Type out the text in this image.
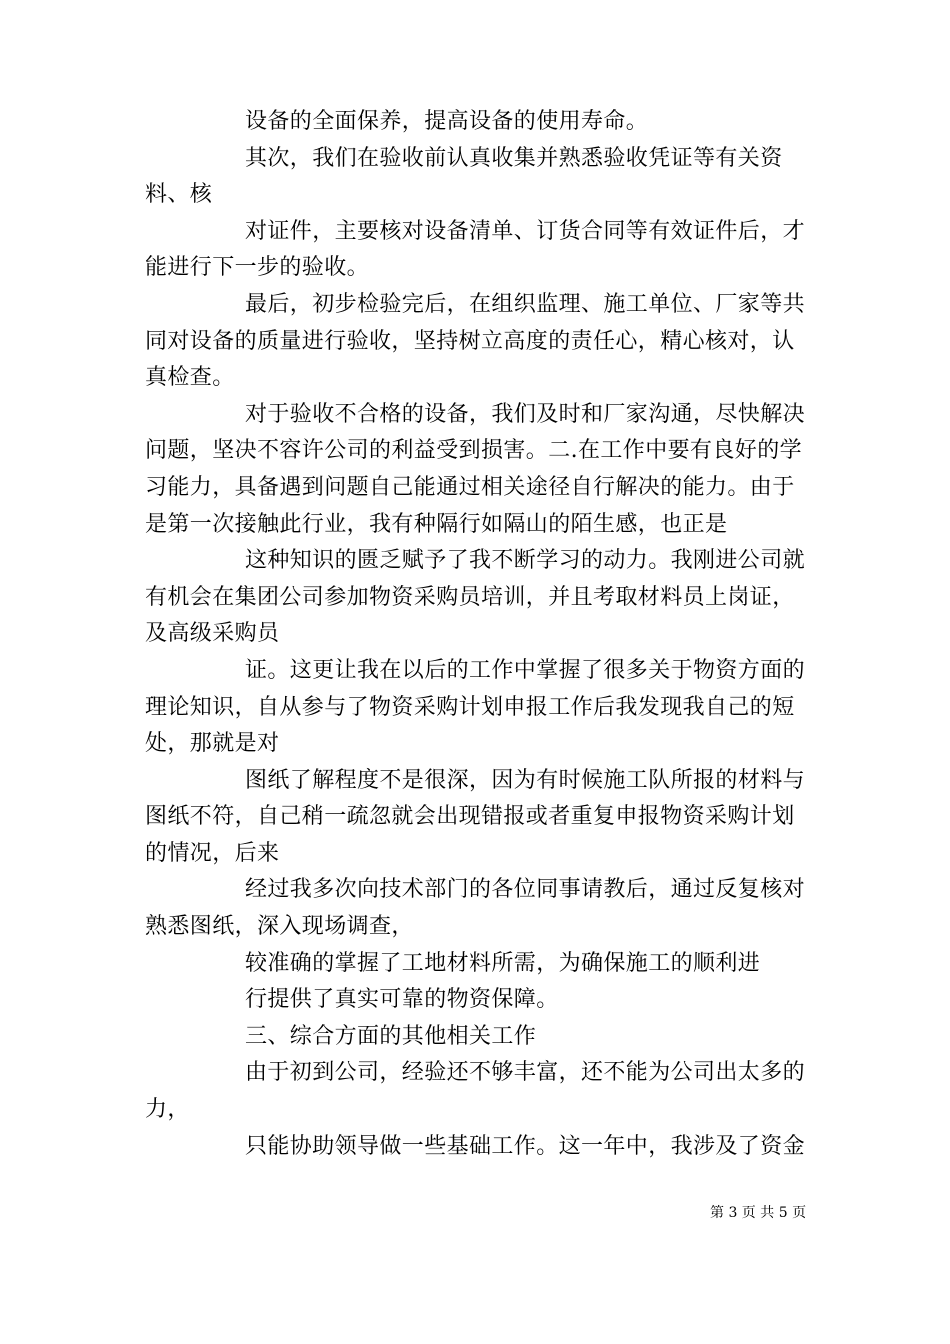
设备的全面保养，提高设备的使用寿命。

其次，我们在验收前认真收集并熟悉验收凭证等有关资料、核

对证件，主要核对设备清单、订货合同等有效证件后，才能进行下一步的验收。

最后，初步检验完后，在组织监理、施工单位、厂家等共同对设备的质量进行验收，坚持树立高度的责任心，精心核对，认真检查。

对于验收不合格的设备，我们及时和厂家沟通，尽快解决问题，坚决不容许公司的利益受到损害。二.在工作中要有良好的学习能力，具备遇到问题自己能通过相关途径自行解决的能力。由于是第一次接触此行业，我有种隔行如隔山的陌生感，也正是

这种知识的匮乏赋予了我不断学习的动力。我刚进公司就有机会在集团公司参加物资采购员培训，并且考取材料员上岗证，及高级采购员

证。这更让我在以后的工作中掌握了很多关于物资方面的理论知识，自从参与了物资采购计划申报工作后我发现我自己的短处，那就是对

图纸了解程度不是很深，因为有时候施工队所报的材料与图纸不符，自己稍一疏忽就会出现错报或者重复申报物资采购计划的情况，后来

经过我多次向技术部门的各位同事请教后，通过反复核对熟悉图纸，深入现场调查，

较准确的掌握了工地材料所需，为确保施工的顺利进

行提供了真实可靠的物资保障。

三、综合方面的其他相关工作

由于初到公司，经验还不够丰富，还不能为公司出太多的力，

只能协助领导做一些基础工作。这一年中，我涉及了资金

第 3 页 共 5 页
